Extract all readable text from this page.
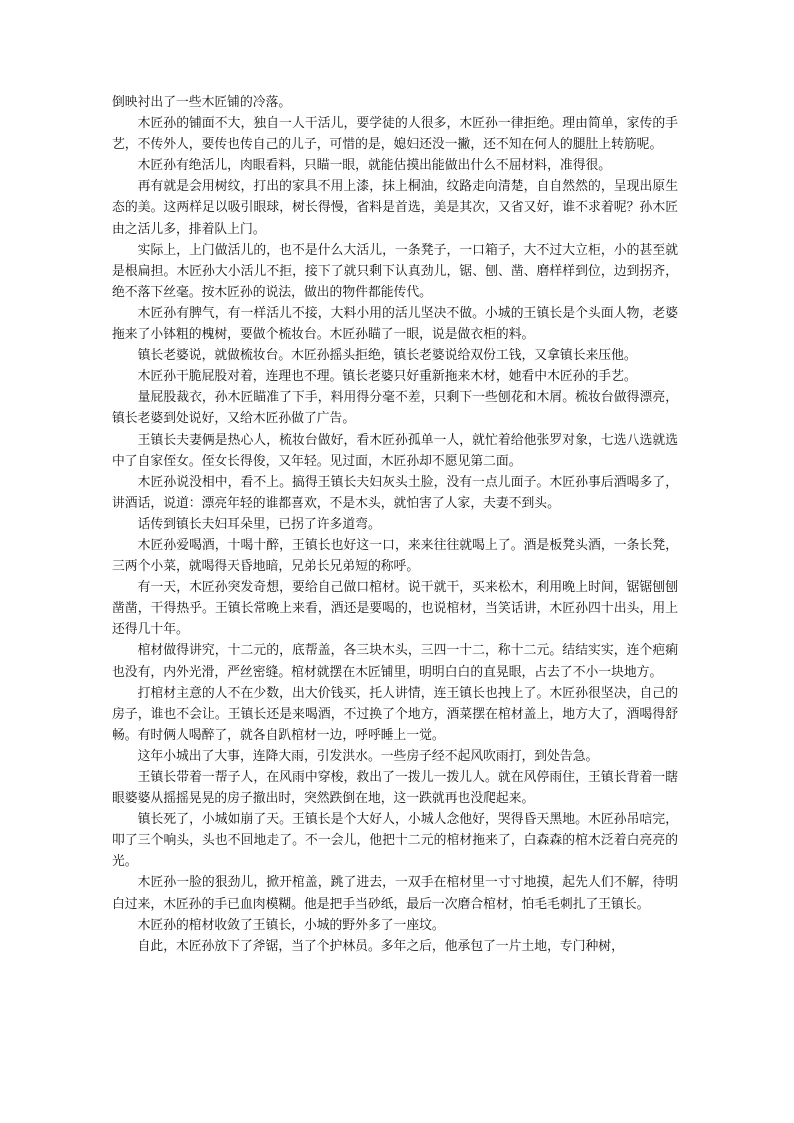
倒映衬出了一些木匠铺的冷落。

木匠孙的铺面不大，独自一人干活儿，要学徒的人很多，木匠孙一律拒绝。理由简单，家传的手艺，不传外人，要传也传自己的儿子，可惜的是，媳妇还没一撇，还不知在何人的腿肚上转筋呢。

木匠孙有绝活儿，肉眼看料，只瞄一眼，就能估摸出能做出什么不屈材料，准得很。

再有就是会用树纹，打出的家具不用上漆，抹上桐油，纹路走向清楚，自自然然的，呈现出原生态的美。这两样足以吸引眼球，树长得慢，省料是首选，美是其次，又省又好，谁不求着呢？孙木匠由之活儿多，排着队上门。

实际上，上门做活儿的，也不是什么大活儿，一条凳子，一口箱子，大不过大立柜，小的甚至就是根扁担。木匠孙大小活儿不拒，接下了就只剩下认真劲儿，锯、刨、凿、磨样样到位，边到拐齐，绝不落下丝毫。按木匠孙的说法，做出的物件都能传代。

木匠孙有脾气，有一样活儿不接，大料小用的活儿坚决不做。小城的王镇长是个头面人物，老婆拖来了小钵粗的槐树，要做个梳妆台。木匠孙瞄了一眼，说是做衣柜的料。

镇长老婆说，就做梳妆台。木匠孙摇头拒绝，镇长老婆说给双份工钱，又拿镇长来压他。

木匠孙干脆屁股对着，连理也不理。镇长老婆只好重新拖来木材，她看中木匠孙的手艺。

量屁股裁衣，孙木匠瞄准了下手，料用得分毫不差，只剩下一些刨花和木屑。梳妆台做得漂亮，镇长老婆到处说好，又给木匠孙做了广告。

王镇长夫妻俩是热心人，梳妆台做好，看木匠孙孤单一人，就忙着给他张罗对象，七选八选就选中了自家侄女。侄女长得俊，又年轻。见过面，木匠孙却不愿见第二面。

木匠孙说没相中，看不上。搞得王镇长夫妇灰头土脸，没有一点儿面子。木匠孙事后酒喝多了，讲酒话，说道：漂亮年轻的谁都喜欢，不是木头，就怕害了人家，夫妻不到头。

话传到镇长夫妇耳朵里，已拐了许多道弯。

木匠孙爱喝酒，十喝十醉，王镇长也好这一口，来来往往就喝上了。酒是板凳头酒，一条长凳，三两个小菜，就喝得天昏地暗，兄弟长兄弟短的称呼。

有一天，木匠孙突发奇想，要给自己做口棺材。说干就干，买来松木，利用晚上时间，锯锯刨刨凿凿，干得热乎。王镇长常晚上来看，酒还是要喝的，也说棺材，当笑话讲，木匠孙四十出头，用上还得几十年。

棺材做得讲究，十二元的，底帮盖，各三块木头，三四一十二，称十二元。结结实实，连个疤痢也没有，内外光滑，严丝密缝。棺材就摆在木匠铺里，明明白白的直晃眼，占去了不小一块地方。

打棺材主意的人不在少数，出大价钱买，托人讲情，连王镇长也拽上了。木匠孙很坚决，自己的房子，谁也不会让。王镇长还是来喝酒，不过换了个地方，酒菜摆在棺材盖上，地方大了，酒喝得舒畅。有时俩人喝醉了，就各自趴棺材一边，呼呼睡上一觉。

这年小城出了大事，连降大雨，引发洪水。一些房子经不起风吹雨打，到处告急。

王镇长带着一帮子人，在风雨中穿梭，救出了一拨儿一拨儿人。就在风停雨住，王镇长背着一瞎眼婆婆从摇摇晃晃的房子撤出时，突然跌倒在地，这一跌就再也没爬起来。

镇长死了，小城如崩了天。王镇长是个大好人，小城人念他好，哭得昏天黑地。木匠孙吊唁完，叩了三个响头，头也不回地走了。不一会儿，他把十二元的棺材拖来了，白森森的棺木泛着白亮亮的光。

木匠孙一脸的狠劲儿，掀开棺盖，跳了进去，一双手在棺材里一寸寸地摸，起先人们不解，待明白过来，木匠孙的手已血肉模糊。他是把手当砂纸，最后一次磨合棺材，怕毛毛刺扎了王镇长。

木匠孙的棺材收敛了王镇长，小城的野外多了一座坟。

自此，木匠孙放下了斧锯，当了个护林员。多年之后，他承包了一片土地，专门种树，
